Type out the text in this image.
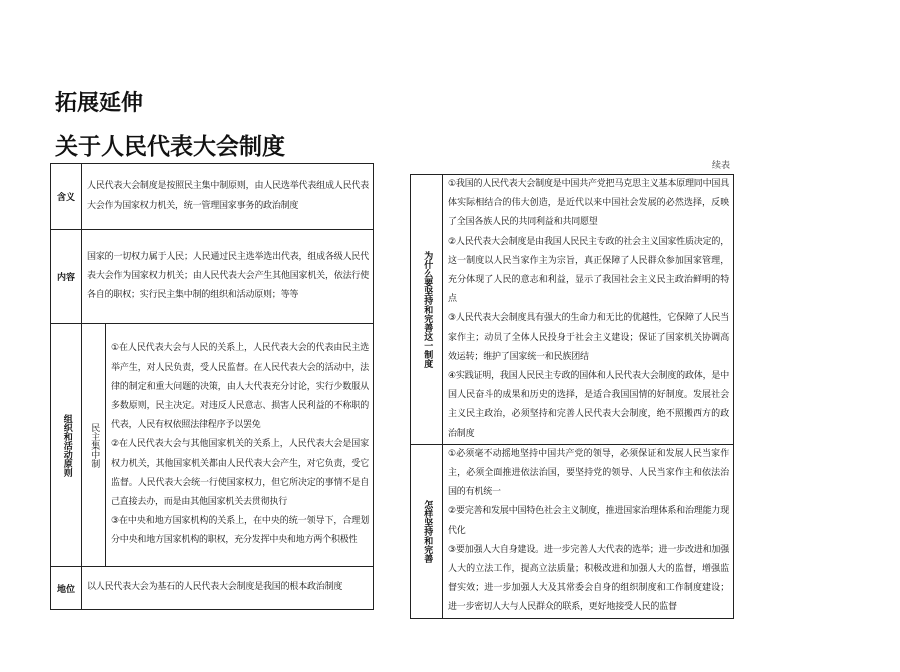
拓展延伸
关于人民代表大会制度
续表
含义	人民代表大会制度是按照民主集中制原则，由人民选举代表组成人民代表大会作为国家权力机关，统一管理国家事务的政治制度	
内容	国家的一切权力属于人民；人民通过民主选举选出代表，组成各级人民代表大会作为国家权力机关；由人民代表大会产生其他国家机关，依法行使各自的职权；实行民主集中制的组织和活动原则；等等	

组织和活动原则	民主集中制	①在人民代表大会与人民的关系上，人民代表大会的代表由民主选举产生，对人民负责，受人民监督。在人民代表大会的活动中，法律的制定和重大问题的决策，由人大代表充分讨论，实行少数服从多数原则，民主决定。对违反人民意志、损害人民利益的不称职的代表，人民有权依照法律程序予以罢免

②在人民代表大会与其他国家机关的关系上，人民代表大会是国家权力机关，其他国家机关都由人民代表大会产生，对它负责，受它监督。人民代表大会统一行使国家权力，但它所决定的事情不是自己直接去办，而是由其他国家机关去贯彻执行

③在中央和地方国家机构的关系上，在中央的统一领导下，合理划分中央和地方国家机构的职权，充分发挥中央和地方两个积极性

地位	以人民代表大会为基石的人民代表大会制度是我国的根本政治制度	
为什么要坚持和完善这一制度	①我国的人民代表大会制度是中国共产党把马克思主义基本原理同中国具体实际相结合的伟大创造，是近代以来中国社会发展的必然选择，反映了全国各族人民的共同利益和共同愿望

②人民代表大会制度是由我国人民民主专政的社会主义国家性质决定的，这一制度以人民当家作主为宗旨，真正保障了人民群众参加国家管理，充分体现了人民的意志和利益，显示了我国社会主义民主政治鲜明的特点

③人民代表大会制度具有强大的生命力和无比的优越性，它保障了人民当家作主；动员了全体人民投身于社会主义建设；保证了国家机关协调高效运转；维护了国家统一和民族团结

④实践证明，我国人民民主专政的国体和人民代表大会制度的政体，是中国人民奋斗的成果和历史的选择，是适合我国国情的好制度。发展社会主义民主政治，必须坚持和完善人民代表大会制度，绝不照搬西方的政治制度

怎样坚持和完善	①必须毫不动摇地坚持中国共产党的领导，必须保证和发展人民当家作主，必须全面推进依法治国，要坚持党的领导、人民当家作主和依法治国的有机统一

②要完善和发展中国特色社会主义制度，推进国家治理体系和治理能力现代化

③要加强人大自身建设。进一步完善人大代表的选举；进一步改进和加强人大的立法工作，提高立法质量；积极改进和加强人大的监督，增强监督实效；进一步加强人大及其常委会自身的组织制度和工作制度建设；进一步密切人大与人民群众的联系，更好地接受人民的监督
